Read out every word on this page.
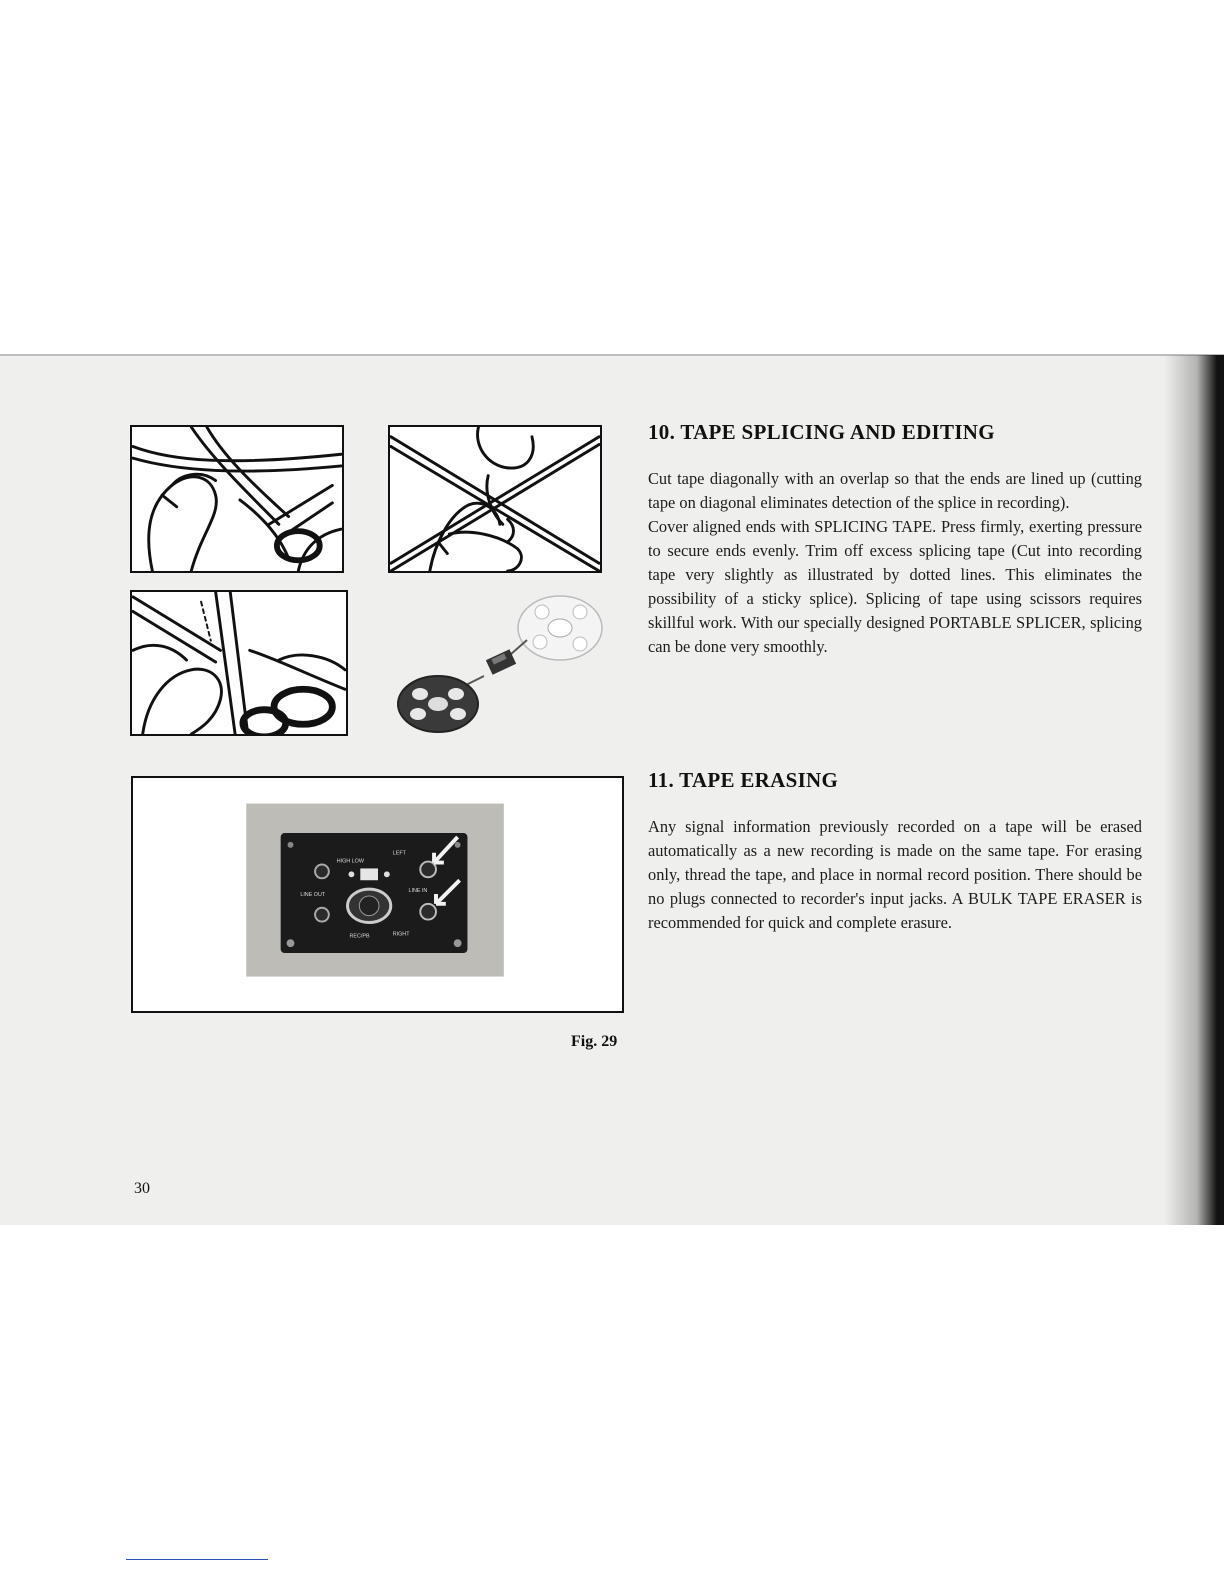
HIGH LOW
LEFT
LINE OUT
LINE IN
REC/PB	RIGHT
Fig. 29
10. TAPE SPLICING AND EDITING

Cut tape diagonally with an overlap so that the ends are lined up (cutting tape on diagonal eliminates detection of the splice in recording).

Cover aligned ends with SPLICING TAPE. Press firmly, exerting pressure to secure ends evenly. Trim off excess splicing tape (Cut into recording tape very slightly as illustrated by dotted lines. This eliminates the possibility of a sticky splice). Splicing of tape using scissors requires skillful work. With our specially designed PORTABLE SPLICER, splicing can be done very smoothly.

11. TAPE ERASING

Any signal information previously recorded on a tape will be erased automatically as a new recording is made on the same tape. For erasing only, thread the tape, and place in normal record position. There should be no plugs connected to recorder's input jacks. A BULK TAPE ERASER is recommended for quick and complete erasure.

30
